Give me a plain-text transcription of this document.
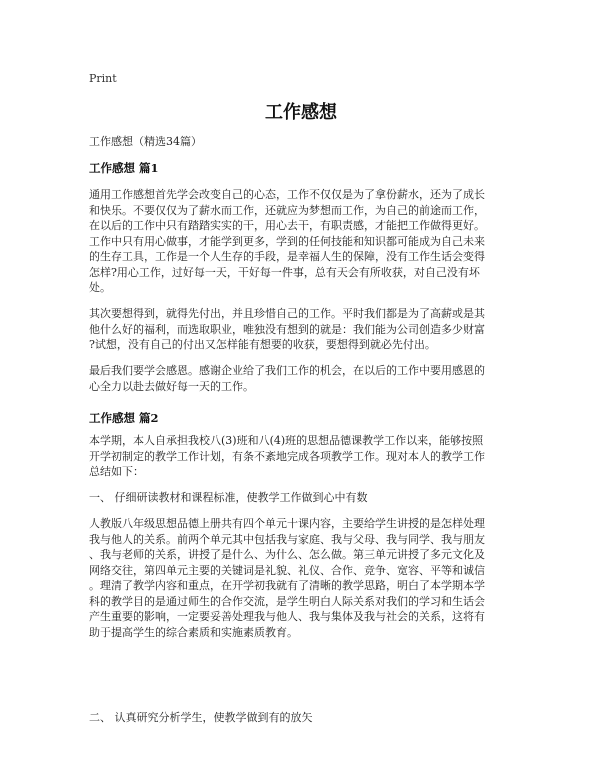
Print
工作感想
工作感想（精选34篇）
工作感想 篇1
通用工作感想首先学会改变自己的心态，工作不仅仅是为了拿份薪水，还为了成长
和快乐。不要仅仅为了薪水而工作，还就应为梦想而工作，为自己的前途而工作，
在以后的工作中只有踏踏实实的干，用心去干，有职责感，才能把工作做得更好。
工作中只有用心做事，才能学到更多，学到的任何技能和知识都可能成为自己未来
的生存工具，工作是一个人生存的手段，是幸福人生的保障，没有工作生话会变得
怎样?用心工作，过好每一天，干好每一件事，总有天会有所收获，对自己没有坏
处。
其次要想得到，就得先付出，并且珍惜自己的工作。平时我们都是为了高薪或是其
他什么好的福利，而选取职业，唯独没有想到的就是：我们能为公司创造多少财富
?试想，没有自己的付出又怎样能有想要的收获，要想得到就必先付出。
最后我们要学会感恩。感谢企业给了我们工作的机会，在以后的工作中要用感恩的
心全力以赴去做好每一天的工作。
工作感想 篇2
本学期，本人自承担我校八(3)班和八(4)班的思想品德课教学工作以来，能够按照
开学初制定的教学工作计划，有条不紊地完成各项教学工作。现对本人的教学工作
总结如下：
一、 仔细研读教材和课程标准，使教学工作做到心中有数
人教版八年级思想品德上册共有四个单元十课内容，主要给学生讲授的是怎样处理
我与他人的关系。前两个单元其中包括我与家庭、我与父母、我与同学、我与朋友
、我与老师的关系，讲授了是什么、为什么、怎么做。第三单元讲授了多元文化及
网络交往，第四单元主要的关键词是礼貌、礼仪、合作、竞争、宽容、平等和诚信
。理清了教学内容和重点，在开学初我就有了清晰的教学思路，明白了本学期本学
科的教学目的是通过师生的合作交流，是学生明白人际关系对我们的学习和生话会
产生重要的影响，一定要妥善处理我与他人、我与集体及我与社会的关系，这将有
助于提高学生的综合素质和实施素质教育。
二、 认真研究分析学生，使教学做到有的放矢
